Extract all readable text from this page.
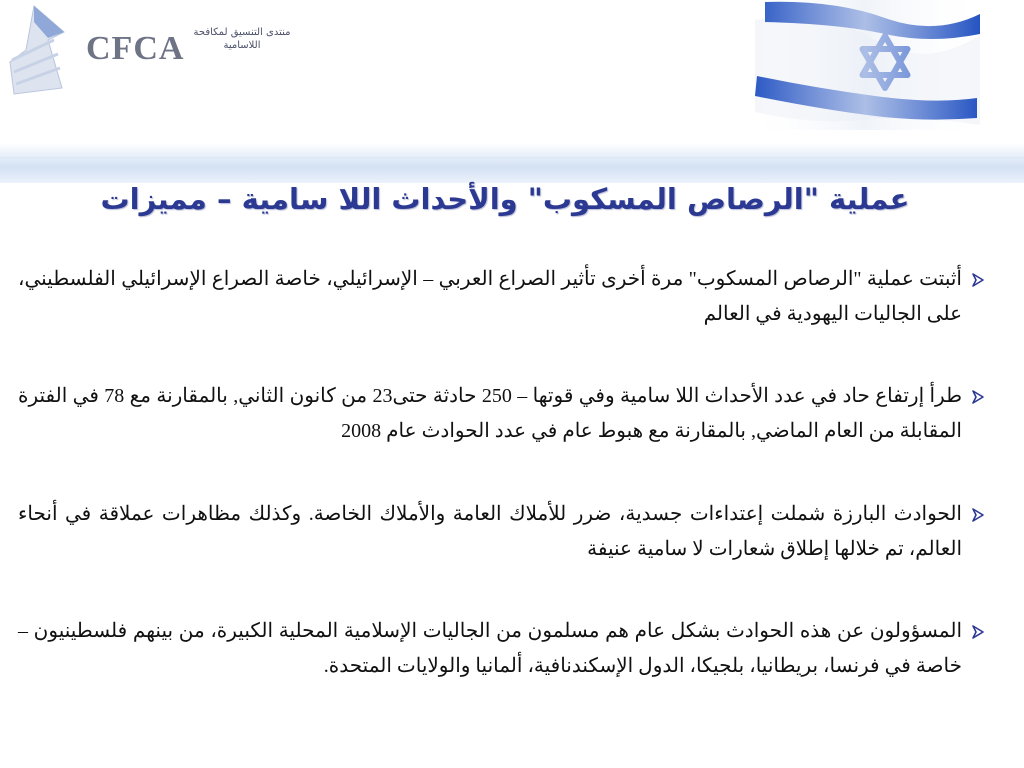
CFCA منتدى التنسيق لمكافحة اللاسامية
عملية "الرصاص المسكوب" والأحداث اللا سامية – مميزات
أثبتت عملية "الرصاص المسكوب" مرة أخرى تأثير الصراع العربي – الإسرائيلي، خاصة الصراع الإسرائيلي الفلسطيني، على الجاليات اليهودية في العالم
طرأ إرتفاع حاد في عدد الأحداث اللا سامية وفي قوتها – 250 حادثة حتى23 من كانون الثاني, بالمقارنة مع 78 في الفترة المقابلة من العام الماضي, بالمقارنة مع هبوط عام في عدد الحوادث عام 2008
الحوادث البارزة شملت إعتداءات جسدية، ضرر للأملاك العامة والأملاك الخاصة. وكذلك مظاهرات عملاقة في أنحاء العالم، تم خلالها إطلاق شعارات لا سامية عنيفة
المسؤولون عن هذه الحوادث بشكل عام هم مسلمون من الجاليات الإسلامية المحلية الكبيرة، من بينهم فلسطينيون – خاصة في فرنسا، بريطانيا، بلجيكا، الدول الإسكندنافية، ألمانيا والولايات المتحدة.
